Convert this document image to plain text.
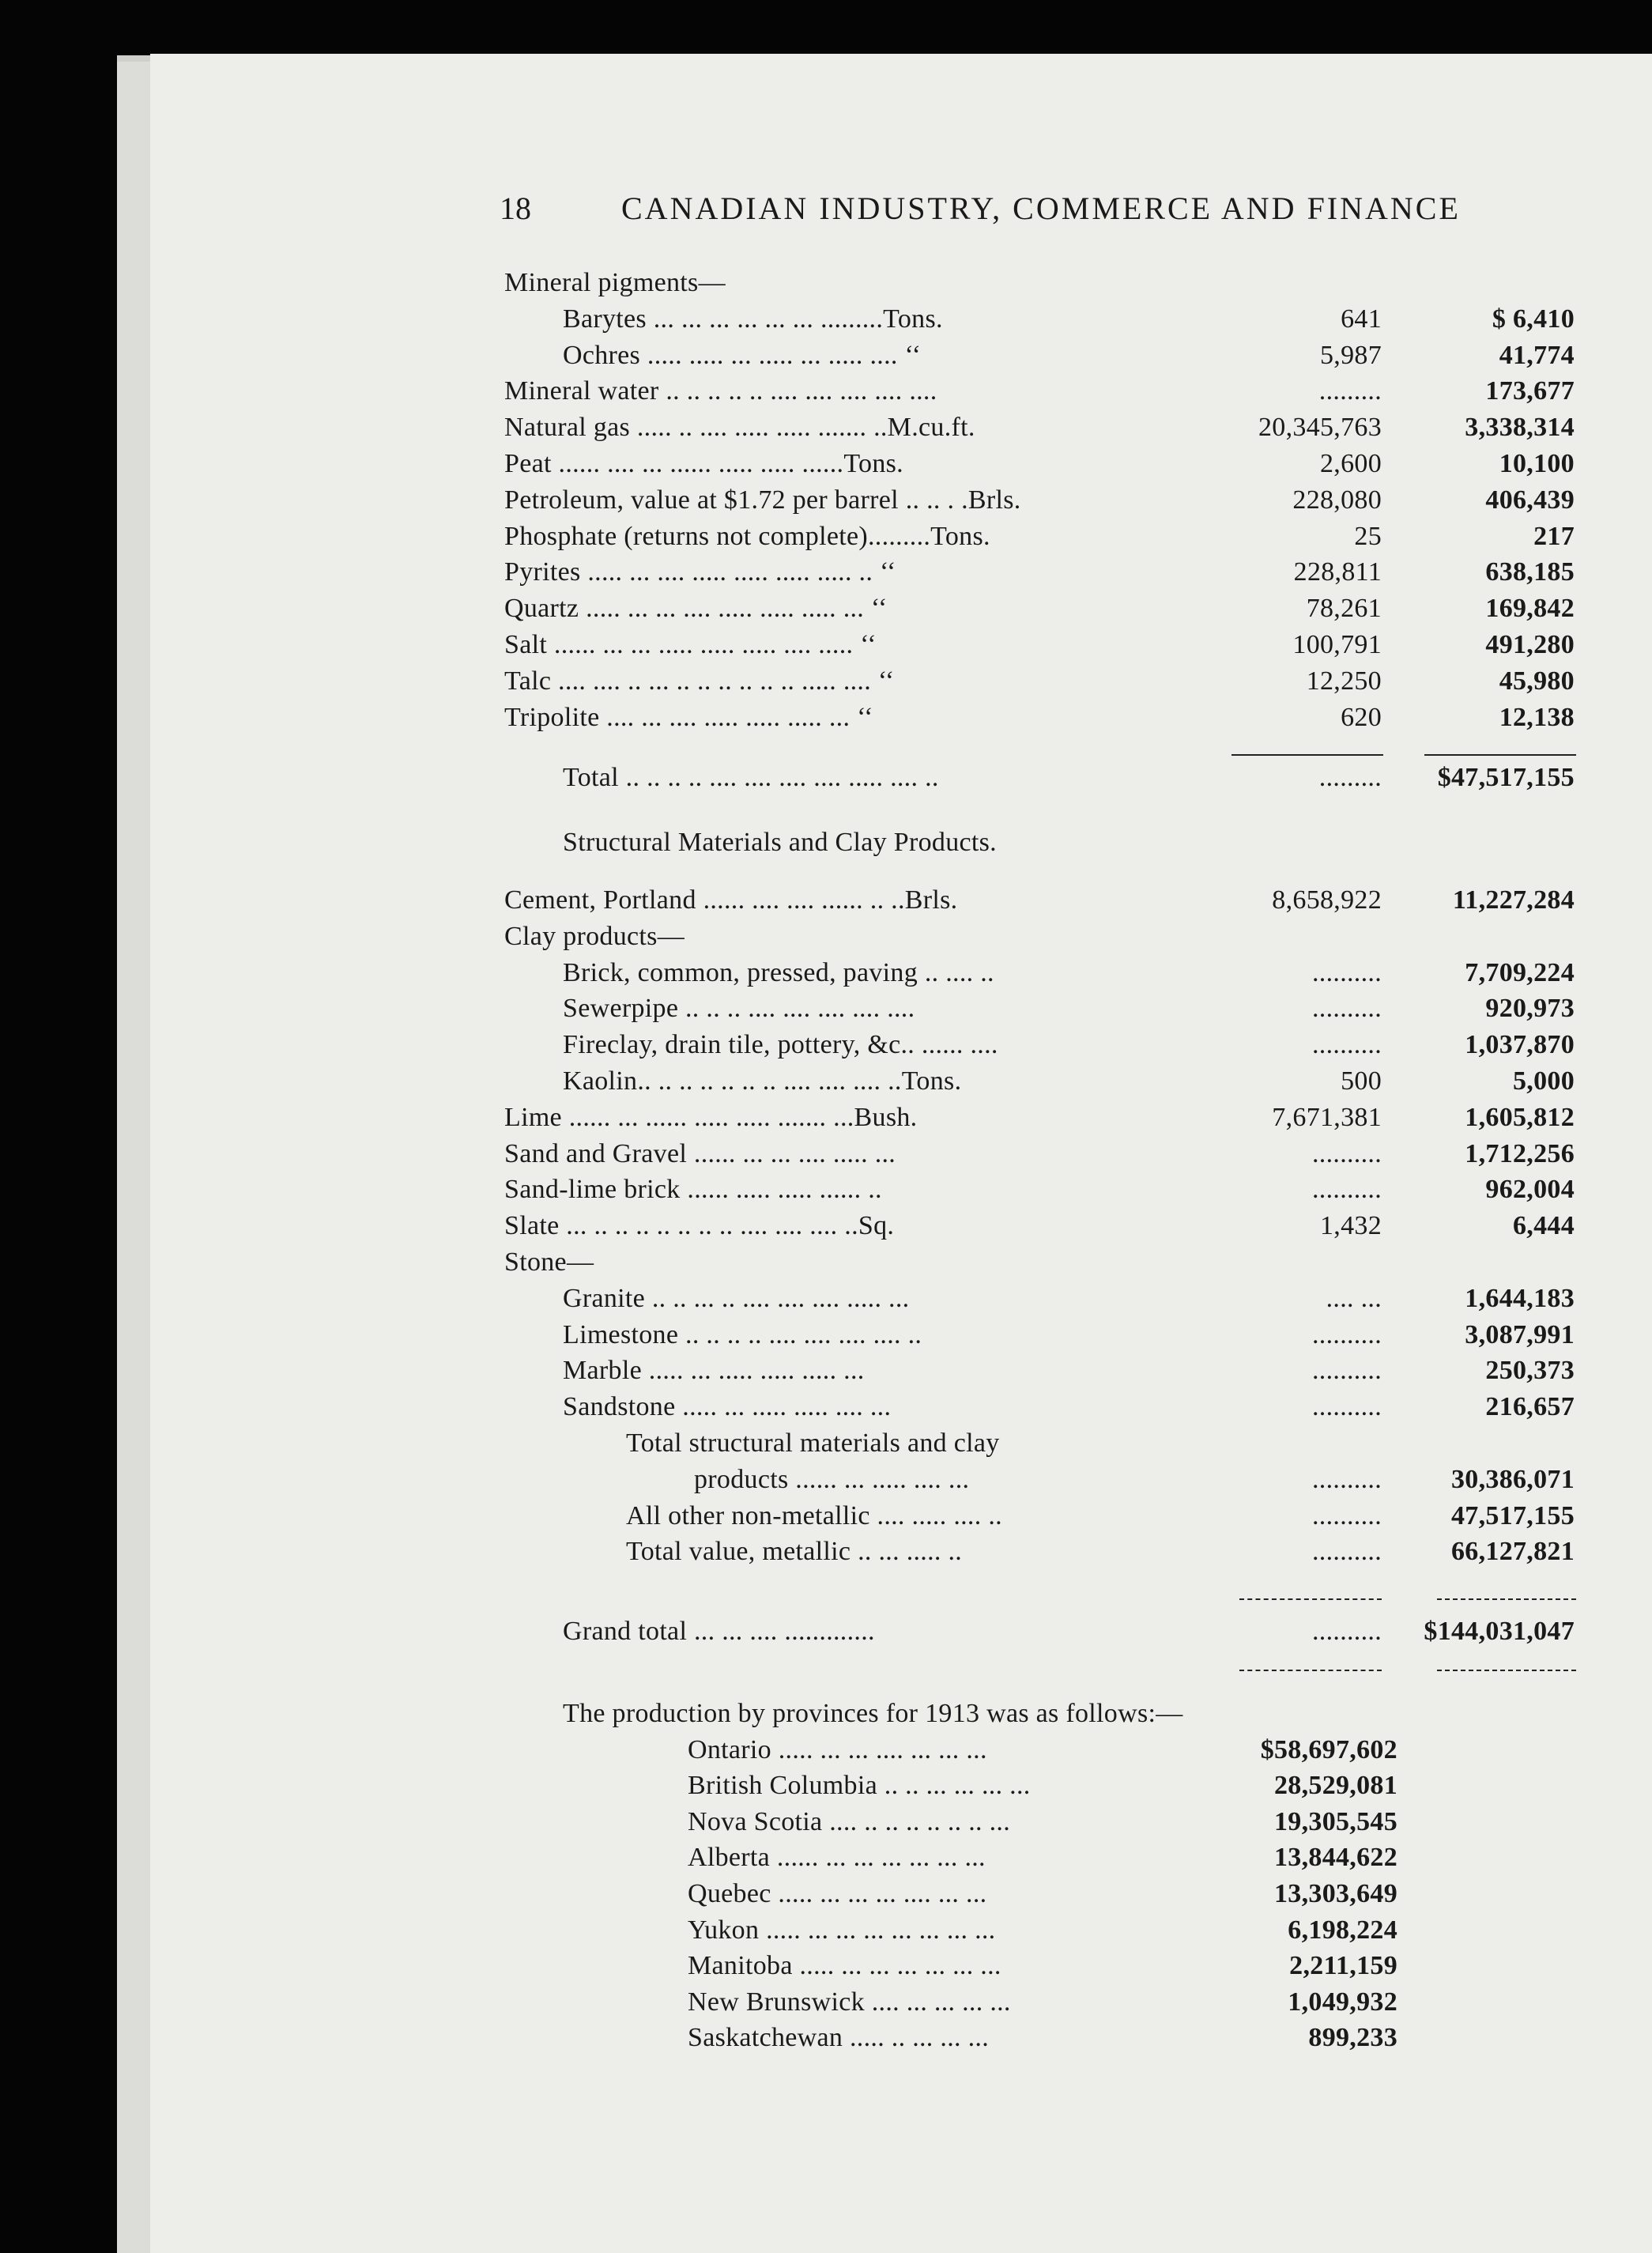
18	CANADIAN INDUSTRY, COMMERCE AND FINANCE
Mineral pigments—
Barytes ... ... ... ... ... ... .........Tons.	641	$ 6,410
Ochres ..... ..... ... ..... ... ..... .... ‘‘	5,987	41,774
Mineral water .. .. .. .. .. .... .... .... .... ....	.........	173,677
Natural gas ..... .. .... ..... ..... ....... ..M.cu.ft.	20,345,763	3,338,314
Peat ...... .... ... ...... ..... ..... ......Tons.	2,600	10,100
Petroleum, value at $1.72 per barrel .. .. . .Brls.	228,080	406,439
Phosphate (returns not complete).........Tons.	25	217
Pyrites ..... ... .... ..... ..... ..... ..... .. ‘‘	228,811	638,185
Quartz ..... ... ... .... ..... ..... ..... ... ‘‘	78,261	169,842
Salt ...... ... ... ..... ..... ..... .... ..... ‘‘	100,791	491,280
Talc .... .... .. ... .. .. .. .. .. .. ..... .... ‘‘	12,250	45,980
Tripolite .... ... .... ..... ..... ..... ... ‘‘	620	12,138
Total .. .. .. .. .... .... .... .... ..... .... ..	......... $47,517,155
Structural Materials and Clay Products.
Cement, Portland ...... .... .... ...... .. ..Brls.	8,658,922	11,227,284
Clay products—
Brick, common, pressed, paving .. .... ..	..........	7,709,224
Sewerpipe .. .. .. .... .... .... .... ....	..........	920,973
Fireclay, drain tile, pottery, &c.. ...... ....	..........	1,037,870
Kaolin.. .. .. .. .. .. .. .... .... .... ..Tons.	500	5,000
Lime ...... ... ...... ..... ..... ....... ...Bush.	7,671,381	1,605,812
Sand and Gravel ...... ... ... .... ..... ...	..........	1,712,256
Sand-lime brick ...... ..... ..... ...... ..	..........	962,004
Slate ... .. .. .. .. .. .. .. .... .... .... ..Sq.	1,432	6,444
Stone—
Granite .. .. ... .. .... .... .... ..... ...	.... ...	1,644,183
Limestone .. .. .. .. .... .... .... .... ..	..........	3,087,991
Marble ..... ... ..... ..... ..... ...	..........	250,373
Sandstone ..... ... ..... ..... .... ...	..........	216,657
Total structural materials and clay
products ...... ... ..... .... ...	..........	30,386,071
All other non-metallic .... ..... .... ..	..........	47,517,155
Total value, metallic .. ... ..... ..	..........	66,127,821
Grand total ... ... .... .............	.......... $144,031,047
The production by provinces for 1913 was as follows:—
Ontario ..... ... ... .... ... ... ...	$58,697,602
British Columbia .. .. ... ... ... ...	28,529,081
Nova Scotia .... .. .. .. .. .. .. ...	19,305,545
Alberta ...... ... ... ... ... ... ...	13,844,622
Quebec ..... ... ... ... .... ... ...	13,303,649
Yukon ..... ... ... ... ... ... ... ...	6,198,224
Manitoba ..... ... ... ... ... ... ...	2,211,159
New Brunswick .... ... ... ... ...	1,049,932
Saskatchewan ..... .. ... ... ...	899,233
